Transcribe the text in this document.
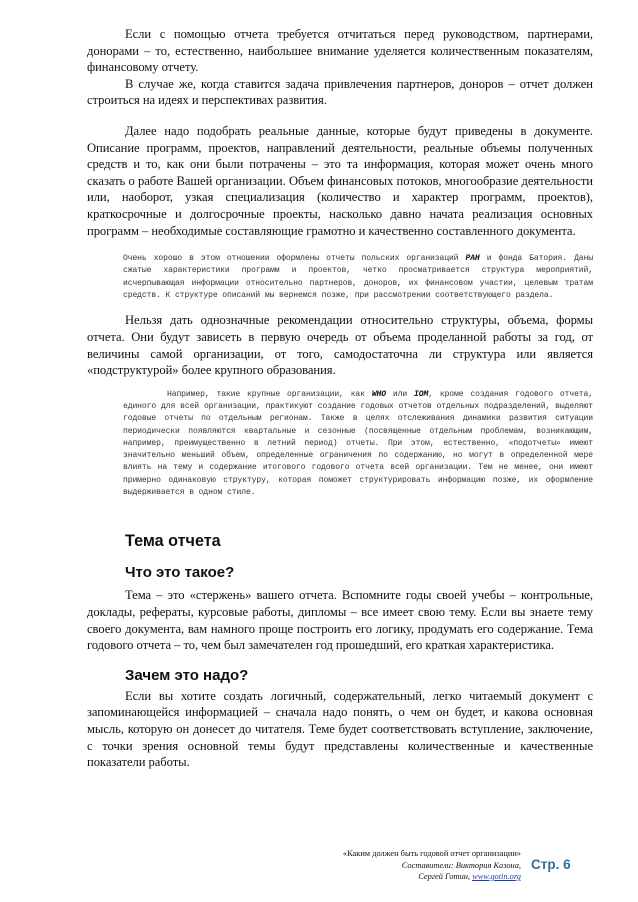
Если с помощью отчета требуется отчитаться перед руководством, партнерами, донорами – то, естественно, наибольшее внимание уделяется количественным показателям, финансовому отчету.

В случае же, когда ставится задача привлечения партнеров, доноров – отчет должен строиться на идеях и перспективах развития.

Далее надо подобрать реальные данные, которые будут приведены в документе. Описание программ, проектов, направлений деятельности, реальные объемы полученных средств и то, как они были потрачены – это та информация, которая может очень много сказать о работе Вашей организации. Объем финансовых потоков, многообразие деятельности или, наоборот, узкая специализация (количество и характер программ, проектов), краткосрочные и долгосрочные проекты, насколько давно начата реализация основных программ – необходимые составляющие грамотно и качественно составленного документа.

Очень хорошо в этом отношении оформлены отчеты польских организаций PAH и фонда Батория. Даны сжатые характеристики программ и проектов, четко просматривается структура мероприятий, исчерпывающая информации относительно партнеров, доноров, их финансовом участии, целевым тратам средств. К структуре описаний мы вернемся позже, при рассмотрении соответствующего раздела.

Нельзя дать однозначные рекомендации относительно структуры, объема, формы отчета. Они будут зависеть в первую очередь от объема проделанной работы за год, от величины самой организации, от того, самодостаточна ли структура или является «подструктурой» более крупного образования.

Например, такие крупные организации, как WHO или IOM, кроме создания годового отчета, единого для всей организации, практикуют создание годовых отчетов отдельных подразделений, выделяют годовые отчеты по отдельным регионам. Также в целях отслеживания динамики развития ситуации периодически появляются квартальные и сезонные (посвященные отдельным проблемам, возникающим, например, преимущественно в летний период) отчеты. При этом, естественно, «подотчеты» имеют значительно меньший объем, определенные ограничения по содержанию, но могут в определенной мере влиять на тему и содержание итогового годового отчета всей организации. Тем не менее, они имеют примерно одинаковую структуру, которая поможет структурировать информацию позже, их оформление выдерживается в одном стиле.

Тема отчета
Что это такое?

Тема – это «стержень» вашего отчета. Вспомните годы своей учебы – контрольные, доклады, рефераты, курсовые работы, дипломы – все имеет свою тему. Если вы знаете тему своего документа, вам намного проще построить его логику, продумать его содержание. Тема годового отчета – то, чем был замечателен год прошедший, его краткая характеристика.

Зачем это надо?

Если вы хотите создать логичный, содержательный, легко читаемый документ с запоминающейся информацией – сначала надо понять, о чем он будет, и какова основная мысль, которую он донесет до читателя. Теме будет соответствовать вступление, заключение, с точки зрения основной темы будут представлены количественные и качественные показатели работы.

«Каким должен быть годовой отчет организации»
Составители: Виктория Казона,
Сергей Готин, www.gotin.org
Стр. 6
